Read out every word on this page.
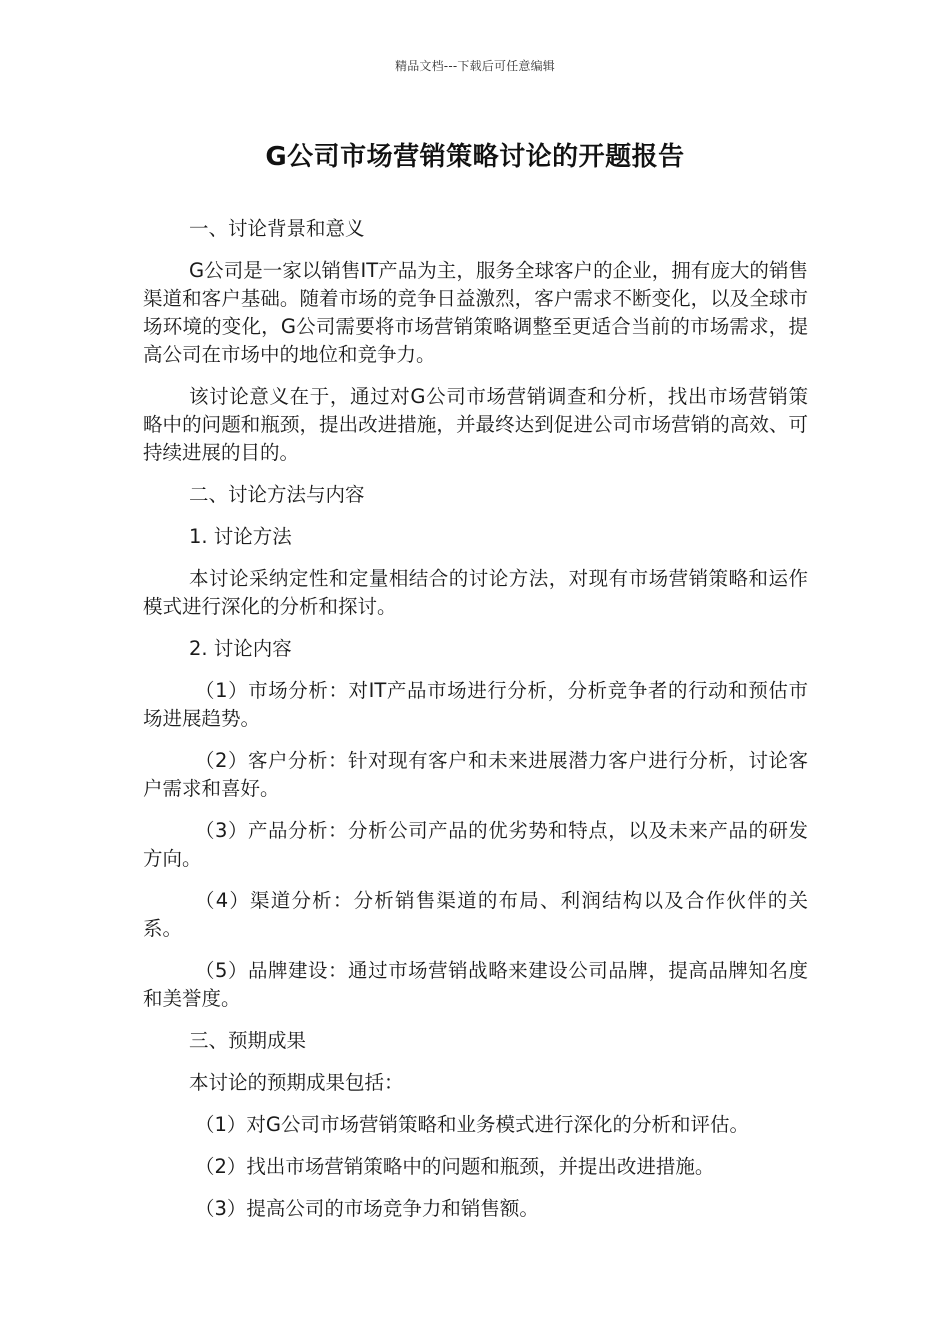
精品文档---下载后可任意编辑
G公司市场营销策略讨论的开题报告

一、讨论背景和意义

G公司是一家以销售IT产品为主，服务全球客户的企业，拥有庞大的销售渠道和客户基础。随着市场的竞争日益激烈，客户需求不断变化，以及全球市场环境的变化，G公司需要将市场营销策略调整至更适合当前的市场需求，提高公司在市场中的地位和竞争力。

该讨论意义在于，通过对G公司市场营销调查和分析，找出市场营销策略中的问题和瓶颈，提出改进措施，并最终达到促进公司市场营销的高效、可持续进展的目的。

二、讨论方法与内容

1. 讨论方法

本讨论采纳定性和定量相结合的讨论方法，对现有市场营销策略和运作模式进行深化的分析和探讨。

2. 讨论内容

（1）市场分析：对IT产品市场进行分析，分析竞争者的行动和预估市场进展趋势。

（2）客户分析：针对现有客户和未来进展潜力客户进行分析，讨论客户需求和喜好。

（3）产品分析：分析公司产品的优劣势和特点，以及未来产品的研发方向。

（4）渠道分析：分析销售渠道的布局、利润结构以及合作伙伴的关系。

（5）品牌建设：通过市场营销战略来建设公司品牌，提高品牌知名度和美誉度。

三、预期成果

本讨论的预期成果包括：

（1）对G公司市场营销策略和业务模式进行深化的分析和评估。

（2）找出市场营销策略中的问题和瓶颈，并提出改进措施。

（3）提高公司的市场竞争力和销售额。
